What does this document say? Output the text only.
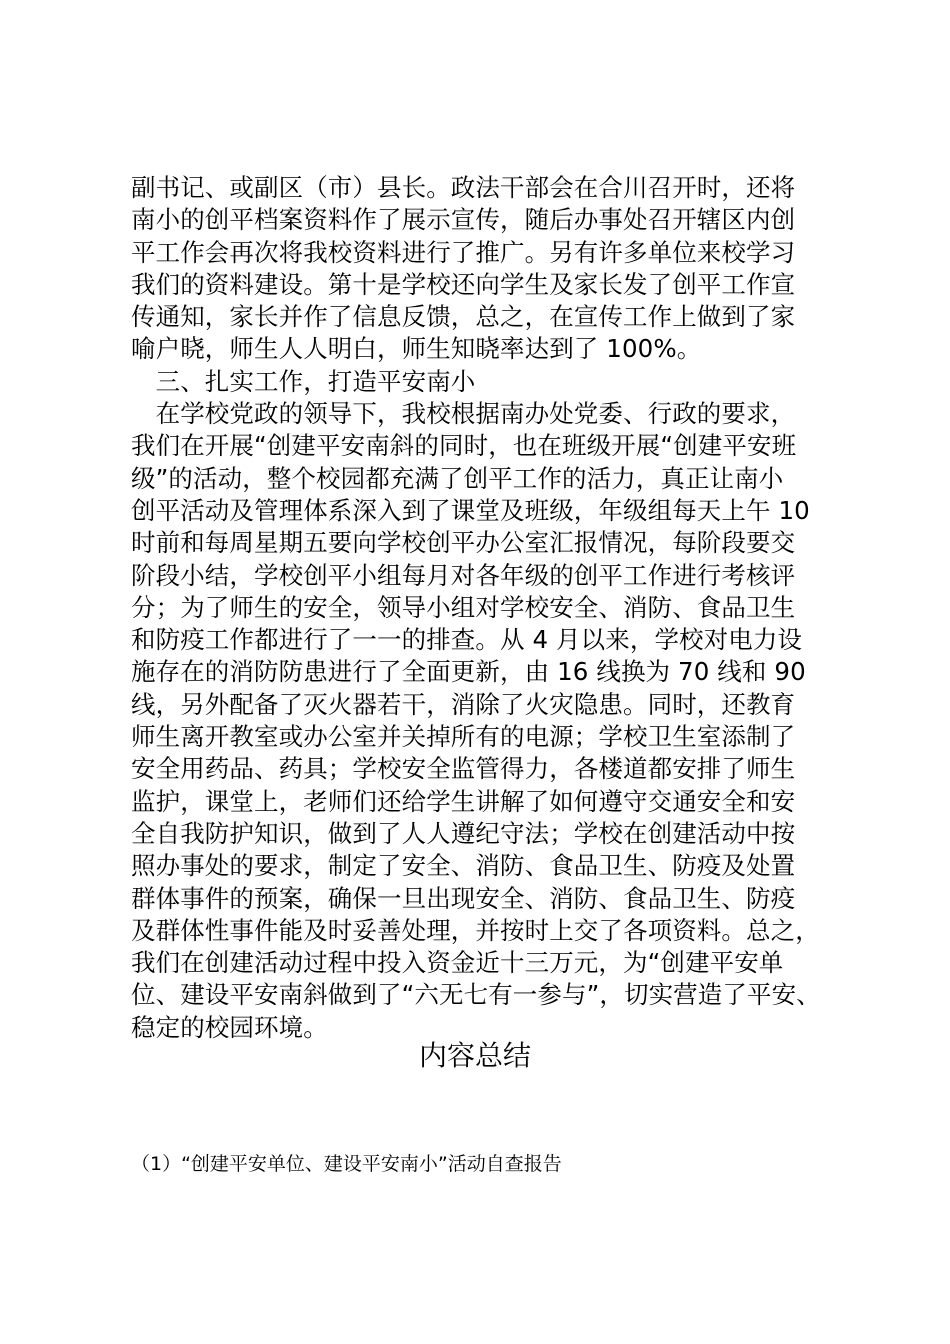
副书记、或副区（市）县长。政法干部会在合川召开时，还将
南小的创平档案资料作了展示宣传，随后办事处召开辖区内创
平工作会再次将我校资料进行了推广。另有许多单位来校学习
我们的资料建设。第十是学校还向学生及家长发了创平工作宣
传通知，家长并作了信息反馈，总之，在宣传工作上做到了家
喻户晓，师生人人明白，师生知晓率达到了 100%。
　三、扎实工作，打造平安南小
　在学校党政的领导下，我校根据南办处党委、行政的要求，
我们在开展“创建平安南斜的同时，也在班级开展“创建平安班
级”的活动，整个校园都充满了创平工作的活力，真正让南小
创平活动及管理体系深入到了课堂及班级，年级组每天上午 10
时前和每周星期五要向学校创平办公室汇报情况，每阶段要交
阶段小结，学校创平小组每月对各年级的创平工作进行考核评
分；为了师生的安全，领导小组对学校安全、消防、食品卫生
和防疫工作都进行了一一的排查。从 4 月以来，学校对电力设
施存在的消防防患进行了全面更新，由 16 线换为 70 线和 90
线，另外配备了灭火器若干，消除了火灾隐患。同时，还教育
师生离开教室或办公室并关掉所有的电源；学校卫生室添制了
安全用药品、药具；学校安全监管得力，各楼道都安排了师生
监护，课堂上，老师们还给学生讲解了如何遵守交通安全和安
全自我防护知识，做到了人人遵纪守法；学校在创建活动中按
照办事处的要求，制定了安全、消防、食品卫生、防疫及处置
群体事件的预案，确保一旦出现安全、消防、食品卫生、防疫
及群体性事件能及时妥善处理，并按时上交了各项资料。总之，
我们在创建活动过程中投入资金近十三万元，为“创建平安单
位、建设平安南斜做到了“六无七有一参与”，切实营造了平安、
稳定的校园环境。
内容总结
（1）“创建平安单位、建设平安南小”活动自查报告
